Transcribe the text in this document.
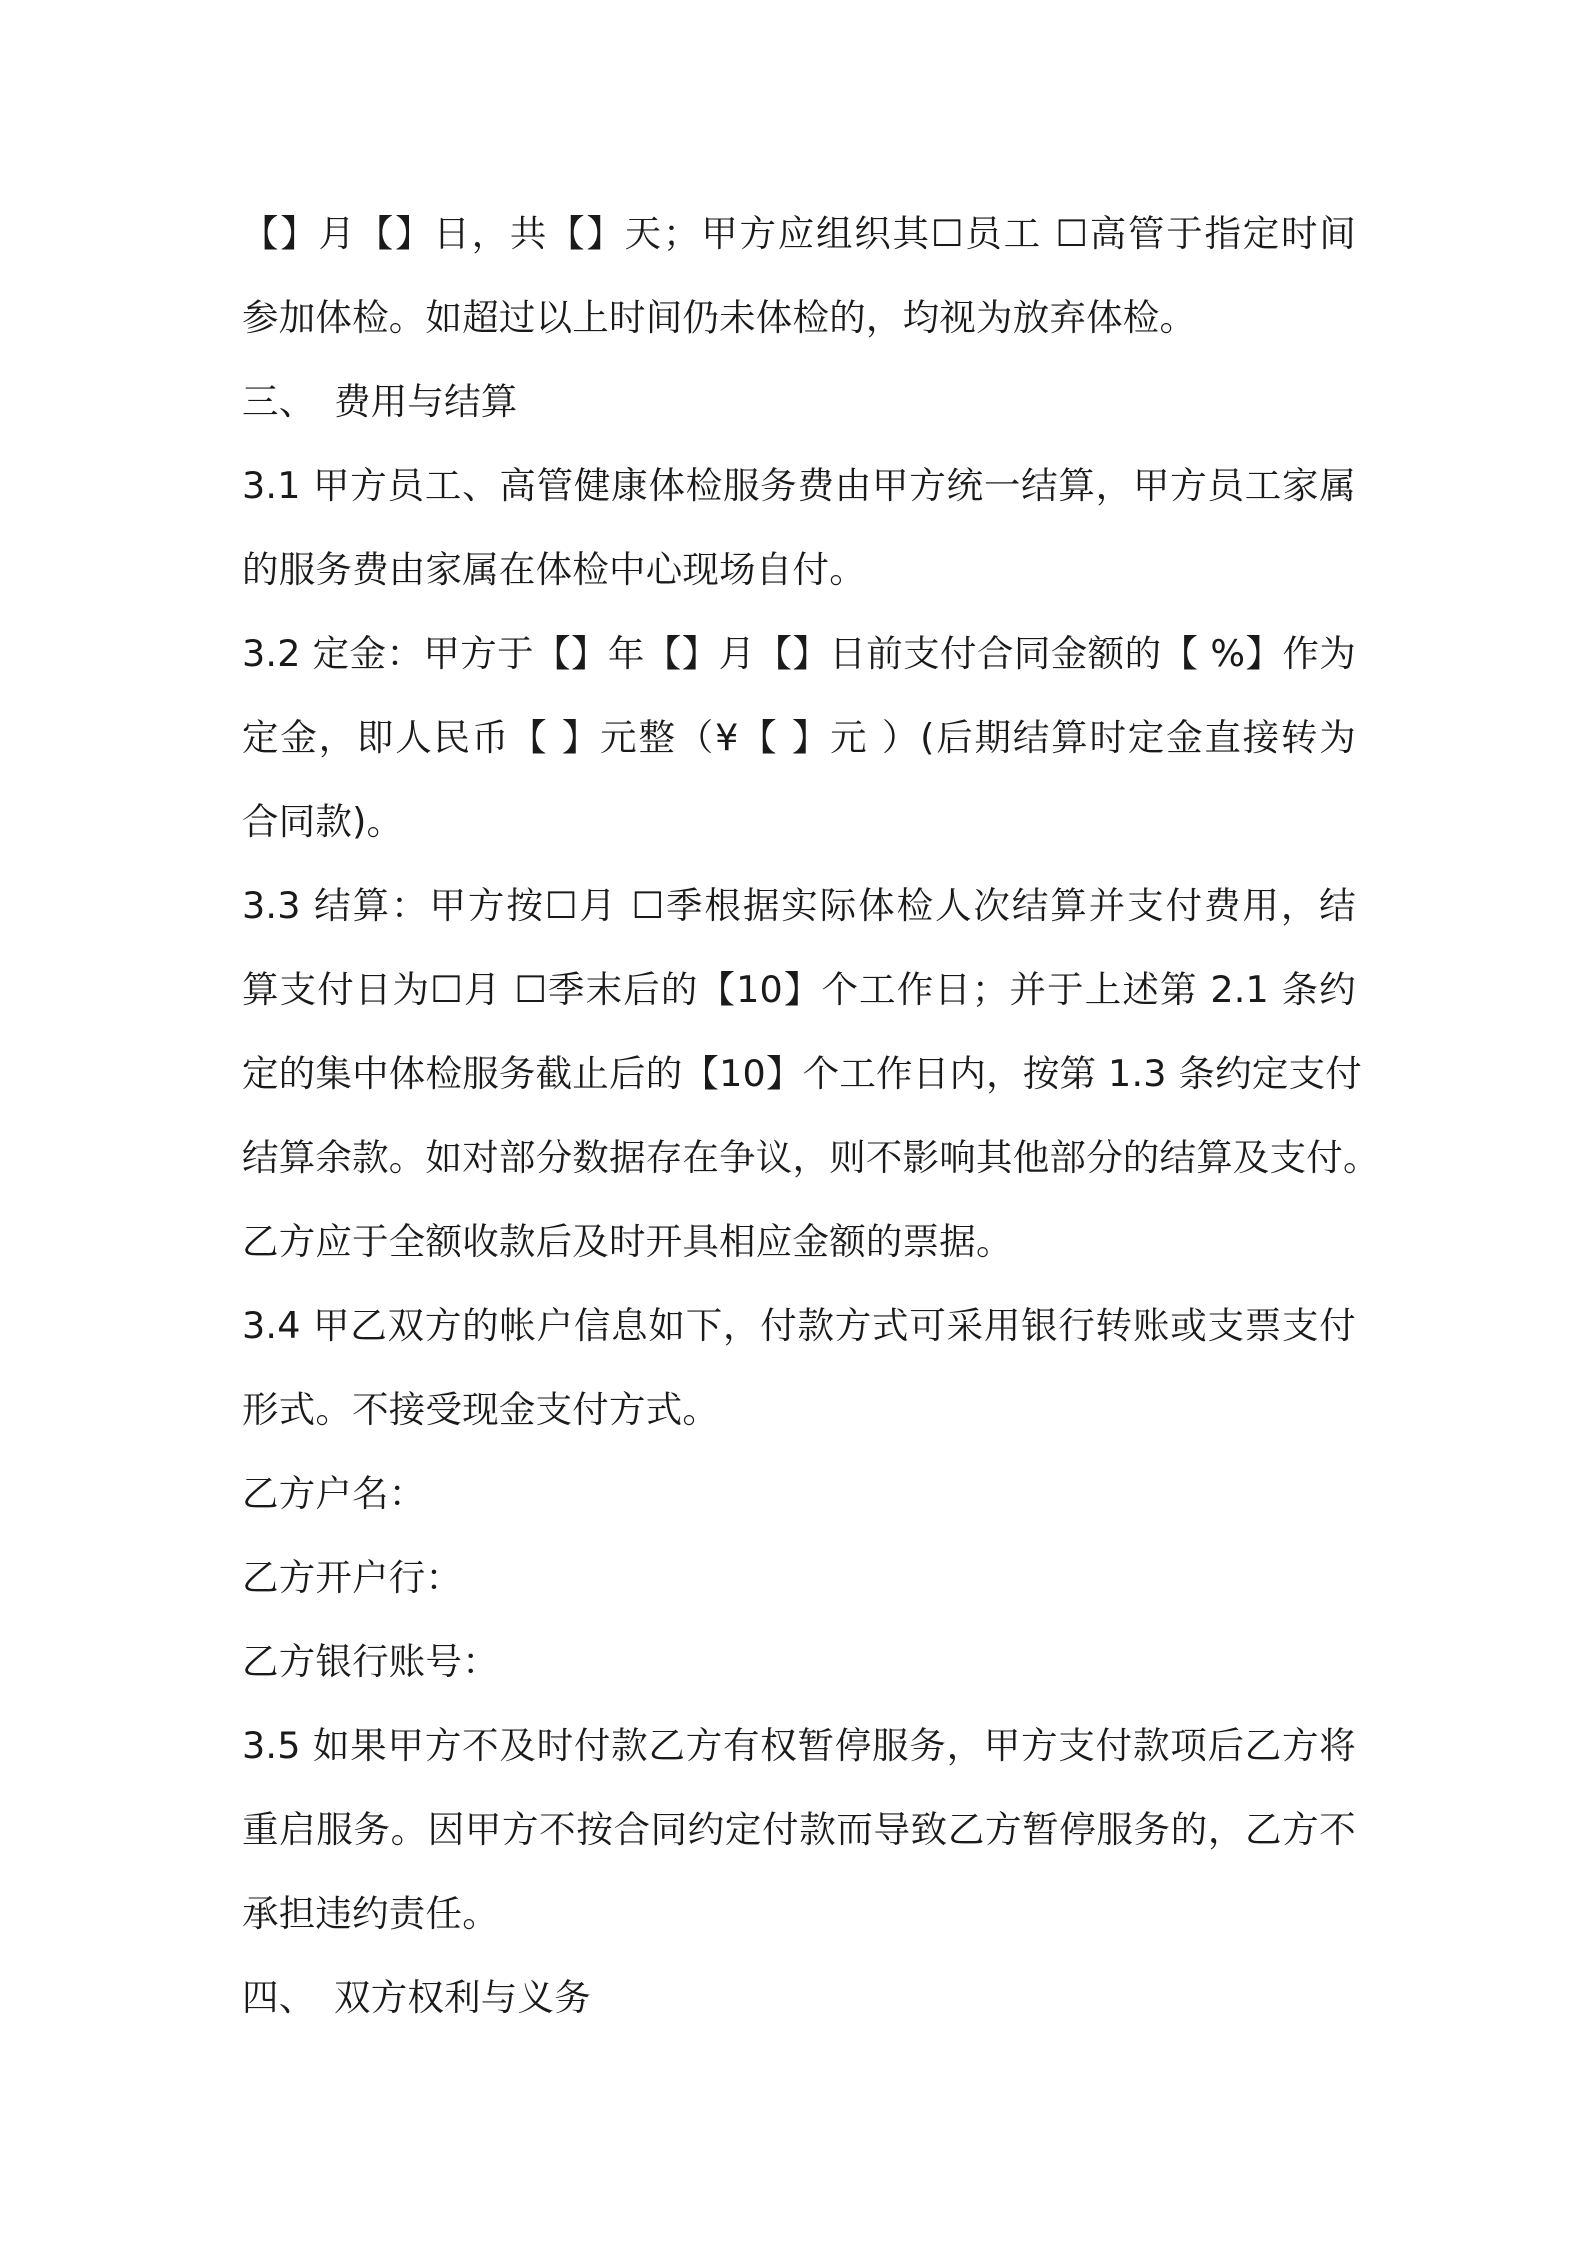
【】月【】日，共【】天；甲方应组织其☐员工 ☐高管于指定时间
参加体检。如超过以上时间仍未体检的，均视为放弃体检。
三、 费用与结算
3.1 甲方员工、高管健康体检服务费由甲方统一结算，甲方员工家属
的服务费由家属在体检中心现场自付。
3.2 定金：甲方于【】年【】月【】日前支付合同金额的【 %】作为
定金，即人民币【 】元整（¥【 】元 ）(后期结算时定金直接转为
合同款)。
3.3 结算：甲方按☐月 ☐季根据实际体检人次结算并支付费用，结
算支付日为☐月 ☐季末后的【10】个工作日；并于上述第 2.1 条约
定的集中体检服务截止后的【10】个工作日内，按第 1.3 条约定支付
结算余款。如对部分数据存在争议，则不影响其他部分的结算及支付。
乙方应于全额收款后及时开具相应金额的票据。
3.4 甲乙双方的帐户信息如下，付款方式可采用银行转账或支票支付
形式。不接受现金支付方式。
乙方户名：
乙方开户行：
乙方银行账号：
3.5 如果甲方不及时付款乙方有权暂停服务，甲方支付款项后乙方将
重启服务。因甲方不按合同约定付款而导致乙方暂停服务的，乙方不
承担违约责任。
四、 双方权利与义务
